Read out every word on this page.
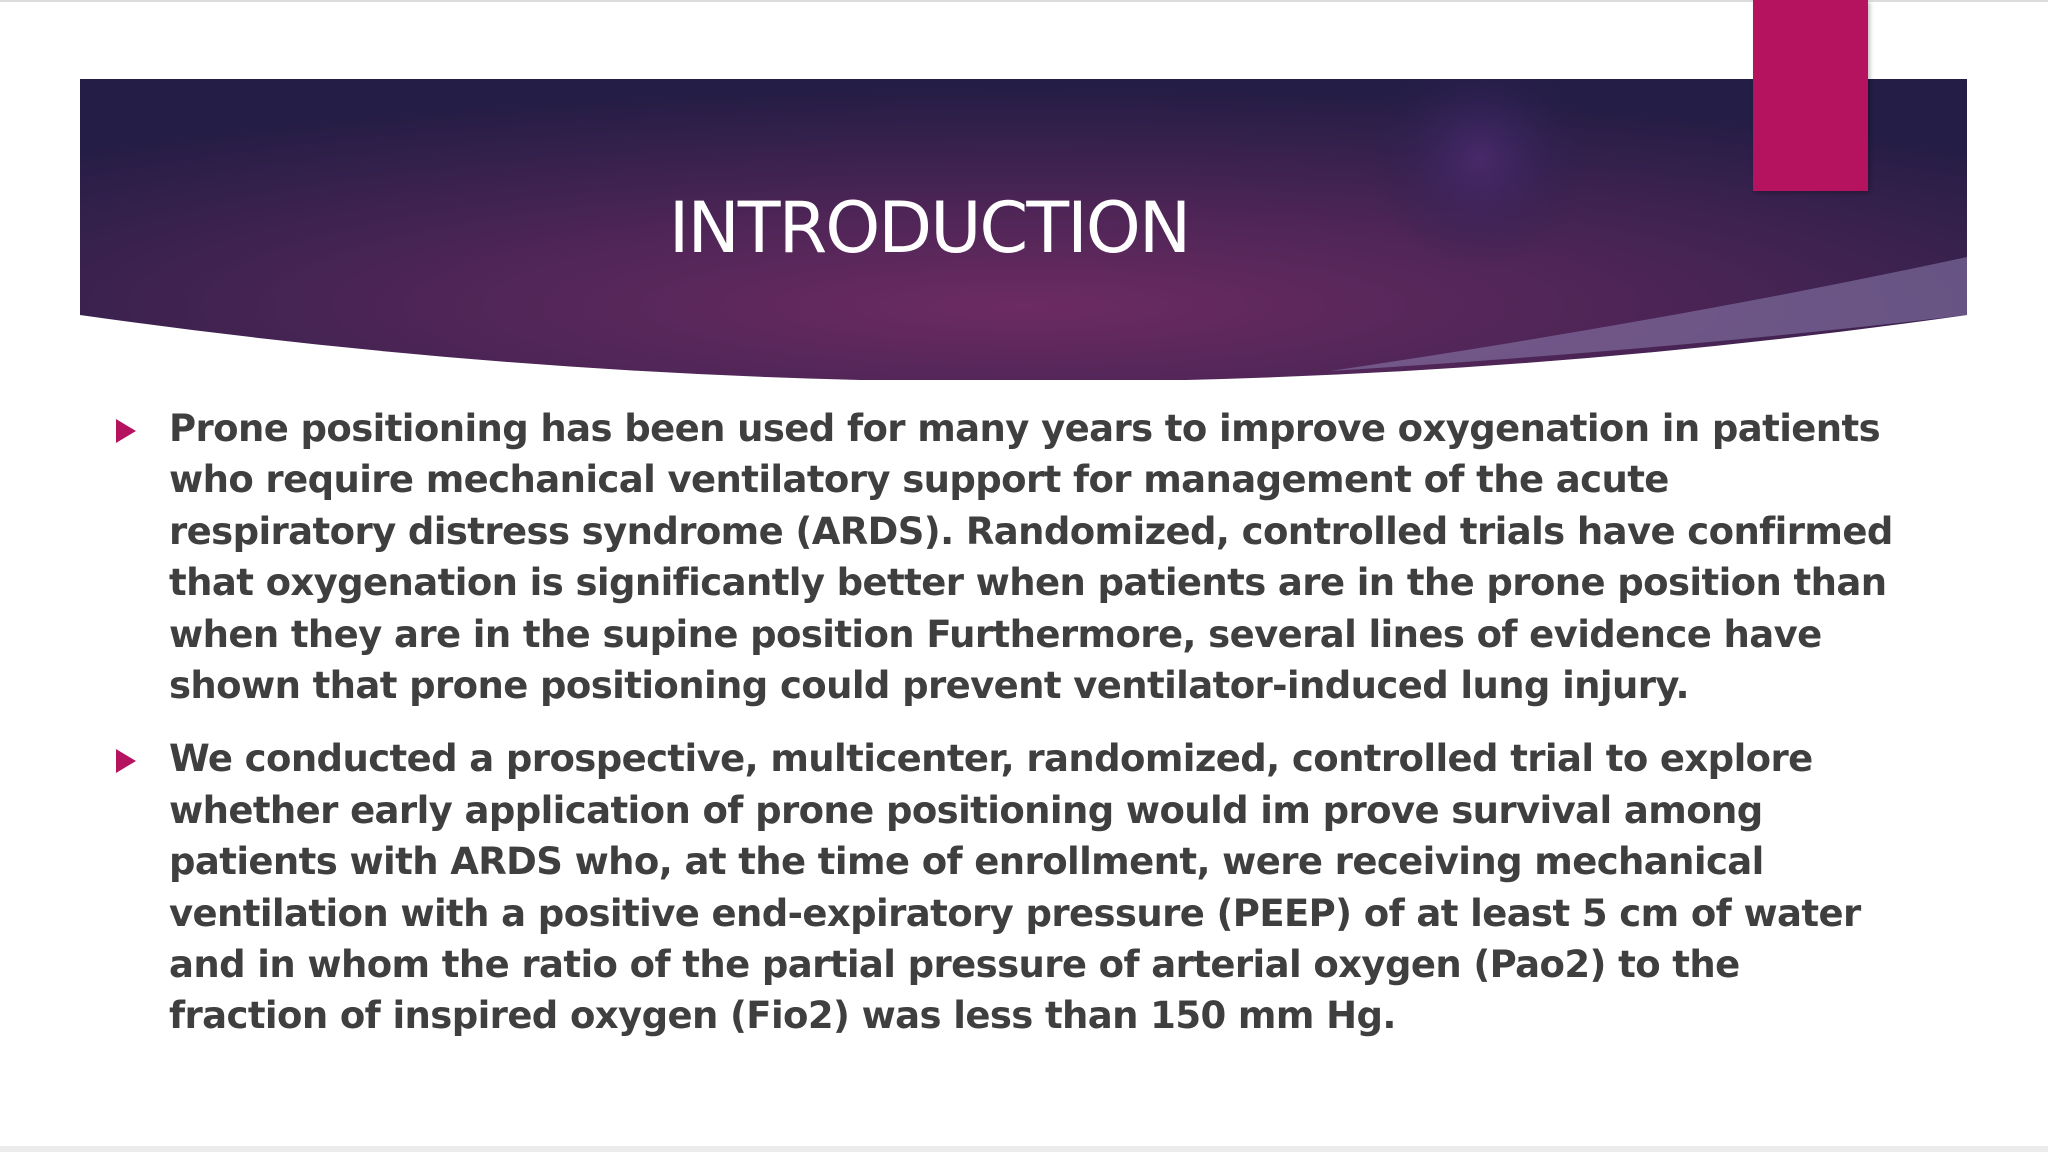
INTRODUCTION
Prone positioning has been used for many years to improve oxygenation in patients
who require mechanical ventilatory support for management of the acute
respiratory distress syndrome (ARDS). Randomized, controlled trials have confirmed
that oxygenation is significantly better when patients are in the prone position than
when they are in the supine position Furthermore, several lines of evidence have
shown that prone positioning could prevent ventilator-induced lung injury.
We conducted a prospective, multicenter, randomized, controlled trial to explore
whether early application of prone positioning would im prove survival among
patients with ARDS who, at the time of enrollment, were receiving mechanical
ventilation with a positive end-expiratory pressure (PEEP) of at least 5 cm of water
and in whom the ratio of the partial pressure of arterial oxygen (Pao2) to the
fraction of inspired oxygen (Fio2) was less than 150 mm Hg.
